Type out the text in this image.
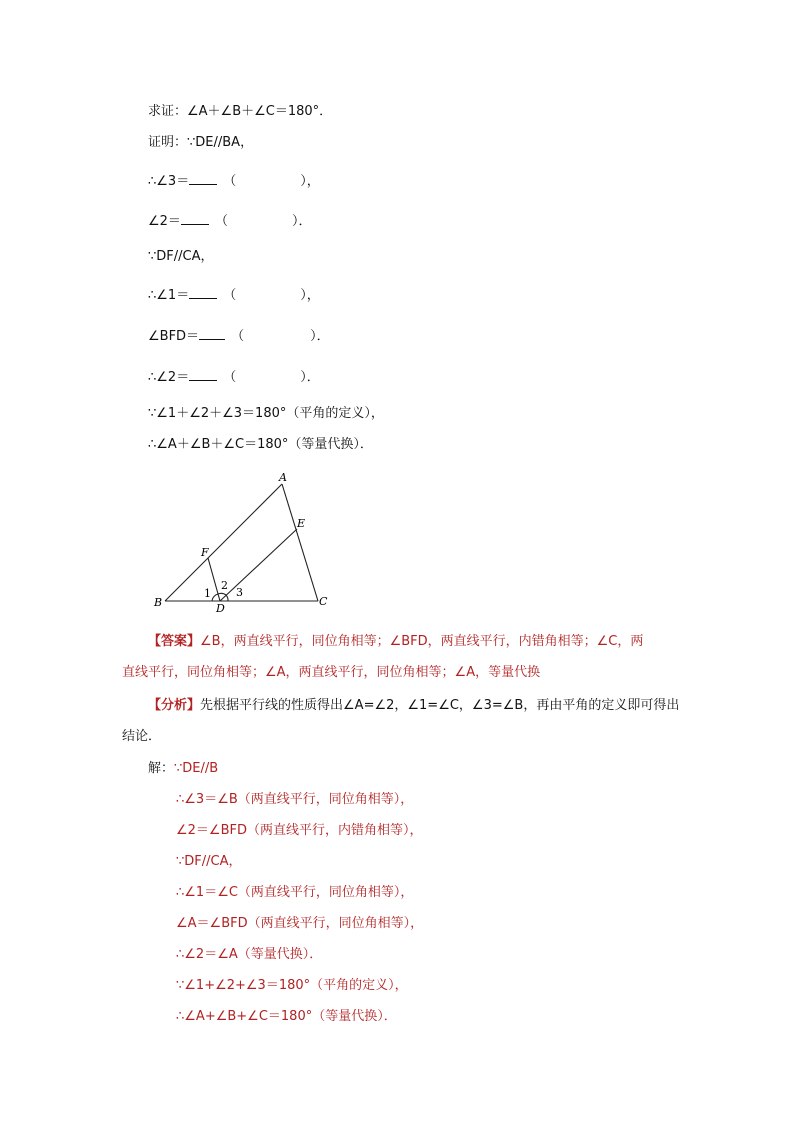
求证：∠A＋∠B＋∠C＝180°．
证明：∵DE//BA，
∴∠3＝	（	），
∠2＝	（	）．
∵DF//CA，
∴∠1＝	（	），
∠BFD＝ （	）．
∴∠2＝	（	）．
∵∠1＋∠2＋∠3＝180°（平角的定义），
∴∠A＋∠B＋∠C＝180°（等量代换）．
A
B	C
D
E
F
1
2
3
【答案】∠B，两直线平行，同位角相等；∠BFD，两直线平行，内错角相等；∠C，两
直线平行，同位角相等；∠A，两直线平行，同位角相等；∠A，等量代换
【分析】先根据平行线的性质得出∠A=∠2，∠1=∠C，∠3=∠B，再由平角的定义即可得出
结论．
解：∵DE//B
∴∠3＝∠B（两直线平行，同位角相等），
∠2＝∠BFD（两直线平行，内错角相等），
∵DF//CA，
∴∠1＝∠C（两直线平行，同位角相等），
∠A＝∠BFD（两直线平行，同位角相等），
∴∠2＝∠A（等量代换）．
∵∠1+∠2+∠3＝180°（平角的定义），
∴∠A+∠B+∠C＝180°（等量代换）．
